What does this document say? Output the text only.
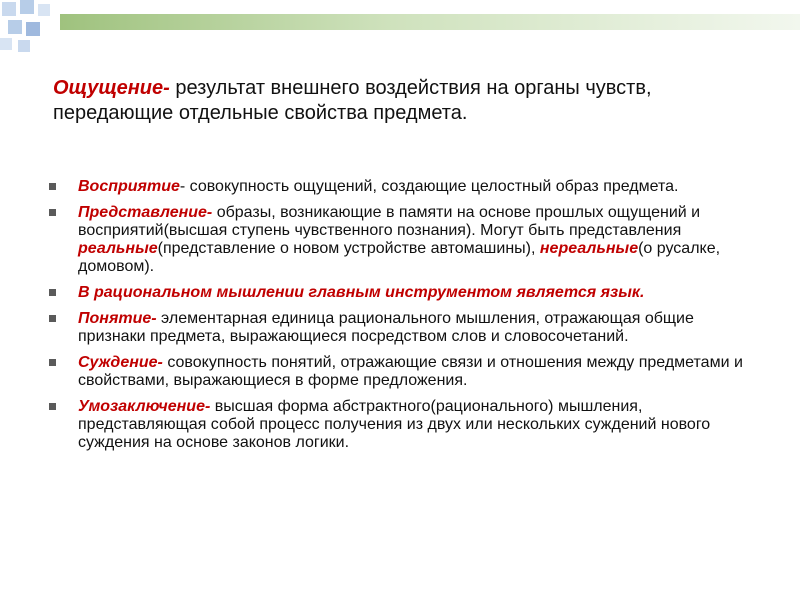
Ощущение- результат внешнего воздействия на органы чувств, передающие отдельные свойства предмета.
Восприятие- совокупность ощущений, создающие целостный образ предмета.
Представление- образы, возникающие в памяти на основе прошлых ощущений и восприятий(высшая ступень чувственного познания). Могут быть представления реальные(представление о новом устройстве автомашины), нереальные(о русалке, домовом).
В рациональном мышлении главным инструментом является язык.
Понятие- элементарная единица рационального мышления, отражающая общие признаки предмета, выражающиеся посредством слов и словосочетаний.
Суждение- совокупность понятий, отражающие связи и отношения между предметами и свойствами, выражающиеся в форме предложения.
Умозаключение- высшая форма абстрактного(рационального) мышления, представляющая собой процесс получения из двух или нескольких суждений нового суждения на основе законов логики.
